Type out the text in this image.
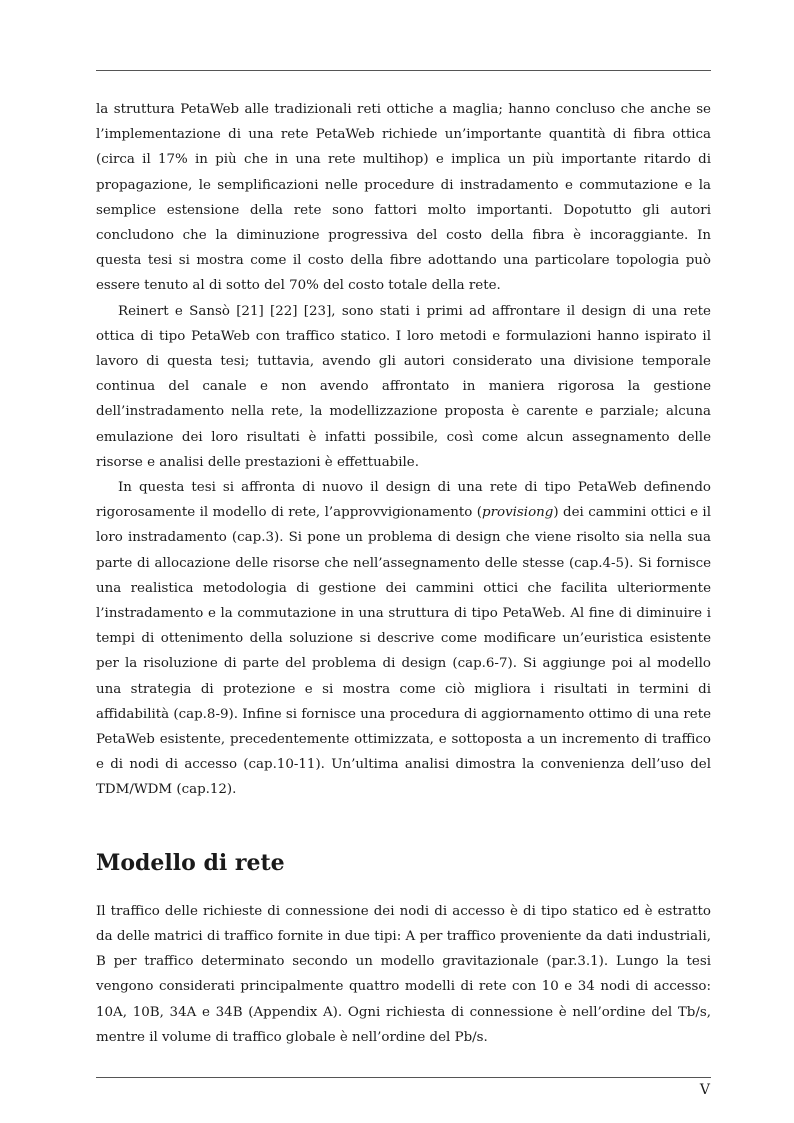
la struttura PetaWeb alle tradizionali reti ottiche a maglia; hanno concluso che anche se l’implementazione di una rete PetaWeb richiede un’importante quantità di fibra ottica (circa il 17% in più che in una rete multihop) e implica un più importante ritardo di propagazione, le semplificazioni nelle procedure di instradamento e commutazione e la semplice estensione della rete sono fattori molto importanti. Dopotutto gli autori concludono che la diminuzione progressiva del costo della fibra è incoraggiante. In questa tesi si mostra come il costo della fibre adottando una particolare topologia può essere tenuto al di sotto del 70% del costo totale della rete.

Reinert e Sansò [21] [22] [23], sono stati i primi ad affrontare il design di una rete ottica di tipo PetaWeb con traffico statico. I loro metodi e formulazioni hanno ispirato il lavoro di questa tesi; tuttavia, avendo gli autori considerato una divisione temporale continua del canale e non avendo affrontato in maniera rigorosa la gestione dell’instradamento nella rete, la modellizzazione proposta è carente e parziale; alcuna emulazione dei loro risultati è infatti possibile, così come alcun assegnamento delle risorse e analisi delle prestazioni è effettuabile.

In questa tesi si affronta di nuovo il design di una rete di tipo PetaWeb definendo rigorosamente il modello di rete, l’approvvigionamento (provisiong) dei cammini ottici e il loro instradamento (cap.3). Si pone un problema di design che viene risolto sia nella sua parte di allocazione delle risorse che nell’assegnamento delle stesse (cap.4-5). Si fornisce una realistica metodologia di gestione dei cammini ottici che facilita ulteriormente l’instradamento e la commutazione in una struttura di tipo PetaWeb. Al fine di diminuire i tempi di ottenimento della soluzione si descrive come modificare un’euristica esistente per la risoluzione di parte del problema di design (cap.6-7). Si aggiunge poi al modello una strategia di protezione e si mostra come ciò migliora i risultati in termini di affidabilità (cap.8-9). Infine si fornisce una procedura di aggiornamento ottimo di una rete PetaWeb esistente, precedentemente ottimizzata, e sottoposta a un incremento di traffico e di nodi di accesso (cap.10-11). Un’ultima analisi dimostra la convenienza dell’uso del TDM/WDM (cap.12).

Modello di rete

Il traffico delle richieste di connessione dei nodi di accesso è di tipo statico ed è estratto da delle matrici di traffico fornite in due tipi: A per traffico proveniente da dati industriali, B per traffico determinato secondo un modello gravitazionale (par.3.1). Lungo la tesi vengono considerati principalmente quattro modelli di rete con 10 e 34 nodi di accesso: 10A, 10B, 34A e 34B (Appendix A). Ogni richiesta di connessione è nell’ordine del Tb/s, mentre il volume di traffico globale è nell’ordine del Pb/s.

V
